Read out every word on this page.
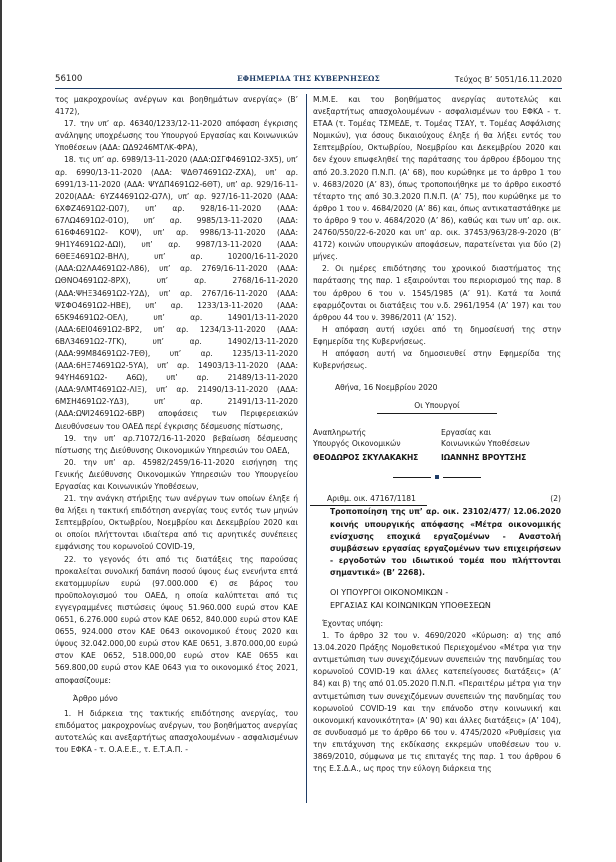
56100	ΕΦΗΜΕΡΙΔΑ ΤΗΣ ΚΥΒΕΡΝΗΣΕΩΣ	Τεύχος Β’ 5051/16.11.2020

τος μακροχρονίως ανέργων και βοηθημάτων ανεργίας» (Β’ 4172),

17. την υπ’ αρ. 46340/1233/12-11-2020 απόφαση έγκρισης ανάληψης υποχρέωσης του Υπουργού Εργασίας και Κοινωνικών Υποθέσεων (ΑΔΑ: ΩΔ9246ΜΤΛΚ-ΦΡΑ),

18. τις υπ’ αρ. 6989/13-11-2020 (ΑΔΑ:ΩΣΓΦ4691Ω2-3Χ5), υπ’ αρ. 6990/13-11-2020 (ΑΔΑ: ΨΔΘ74691Ω2-ΖΧΑ), υπ’ αρ. 6991/13-11-2020 (ΑΔΑ: ΨΥΔΠ4691Ω2-6ΘΤ), υπ’ αρ. 929/16-11-2020(ΑΔΑ: 6ΥΖ44691Ω2-Ω7Λ), υπ’ αρ. 927/16-11-2020 (ΑΔΑ: 6ΧΦΖ4691Ω2-Ω07), υπ’ αρ. 928/16-11-2020 (ΑΔΑ: 67ΛΩ4691Ω2-01Ο), υπ’ αρ. 9985/13-11-2020 (ΑΔΑ: 616Φ4691Ω2- ΚΟΨ), υπ’ αρ. 9986/13-11-2020 (ΑΔΑ: 9Η1Υ4691Ω2-ΔΩΙ), υπ’ αρ. 9987/13-11-2020 (ΑΔΑ: 6ΘΕΞ4691Ω2-ΒΗΛ), υπ’ αρ. 10200/16-11-2020 (ΑΔΑ:Ω2ΛΑ4691Ω2-Λ86), υπ’ αρ. 2769/16-11-2020 (ΑΔΑ: ΩΘΝΟ4691Ω2-8ΡΧ), υπ’ αρ. 2768/16-11-2020 (ΑΔΑ:ΨΗΞ34691Ω2-Υ2Δ), υπ’ αρ. 2767/16-11-2020 (ΑΔΑ: ΨΣΦΟ4691Ω2-ΗΒΕ), υπ’ αρ. 1233/13-11-2020 (ΑΔΑ: 65Κ94691Ω2-ΟΕΛ), υπ’ αρ. 14901/13-11-2020 (ΑΔΑ:6ΕΙ04691Ω2-ΒΡ2, υπ’ αρ. 1234/13-11-2020 (ΑΔΑ: 6ΒΛ34691Ω2-7ΓΚ), υπ’ αρ. 14902/13-11-2020 (ΑΔΑ:99Μ84691Ω2-7ΕΘ), υπ’ αρ. 1235/13-11-2020 (ΑΔΑ:6ΗΞ74691Ω2-5ΥΑ), υπ’ αρ. 14903/13-11-2020 (ΑΔΑ: 94ΥΗ4691Ω2- Α6Ω), υπ’ αρ. 21489/13-11-2020 (ΑΔΑ:9ΛΜΤ4691Ω2-ΛΙΞ), υπ’ αρ. 21490/13-11-2020 (ΑΔΑ: 6ΜΣΗ4691Ω2-ΥΔ3), υπ’ αρ. 21491/13-11-2020 (ΑΔΑ:ΩΨΙ24691Ω2-6ΒΡ) αποφάσεις των Περιφερειακών Διευθύνσεων του ΟΑΕΔ περί έγκρισης δέσμευσης πίστωσης,

19. την υπ’ αρ.71072/16-11-2020 βεβαίωση δέσμευσης πίστωσης της Διεύθυνσης Οικονομικών Υπηρεσιών του ΟΑΕΔ,

20. την υπ’ αρ. 45982/2459/16-11-2020 εισήγηση της Γενικής Διεύθυνσης Οικονομικών Υπηρεσιών του Υπουργείου Εργασίας και Κοινωνικών Υποθέσεων,

21. την ανάγκη στήριξης των ανέργων των οποίων έληξε ή θα λήξει η τακτική επιδότηση ανεργίας τους εντός των μηνών Σεπτεμβρίου, Οκτωβρίου, Νοεμβρίου και Δεκεμβρίου 2020 και οι οποίοι πλήττονται ιδιαίτερα από τις αρνητικές συνέπειες εμφάνισης του κορωνοϊού COVID-19,

22. το γεγονός ότι από τις διατάξεις της παρούσας προκαλείται συνολική δαπάνη ποσού ύψους έως ενενήντα επτά εκατομμυρίων ευρώ (97.000.000 €) σε βάρος του προϋπολογισμού του ΟΑΕΔ, η οποία καλύπτεται από τις εγγεγραμμένες πιστώσεις ύψους 51.960.000 ευρώ στον ΚΑΕ 0651, 6.276.000 ευρώ στον ΚΑΕ 0652, 840.000 ευρώ στον ΚΑΕ 0655, 924.000 στον ΚΑΕ 0643 οικονομικού έτους 2020 και ύψους 32.042.000,00 ευρώ στον ΚΑΕ 0651, 3.870.000,00 ευρώ στον ΚΑΕ 0652, 518.000,00 ευρώ στον ΚΑΕ 0655 και 569.800,00 ευρώ στον ΚΑΕ 0643 για το οικονομικό έτος 2021, αποφασίζουμε:

Άρθρο μόνο

1. Η διάρκεια της τακτικής επιδότησης ανεργίας, του επιδόματος μακροχρονίως ανέργων, του βοηθήματος ανεργίας αυτοτελώς και ανεξαρτήτως απασχολουμένων - ασφαλισμένων του ΕΦΚΑ - τ. Ο.Α.Ε.Ε., τ. Ε.Τ.Α.Π. -

Μ.Μ.Ε. και του βοηθήματος ανεργίας αυτοτελώς και ανεξαρτήτως απασχολουμένων - ασφαλισμένων του ΕΦΚΑ - τ. ΕΤΑΑ (τ. Τομέας ΤΣΜΕΔΕ, τ. Τομέας ΤΣΑΥ, τ. Τομέας Ασφάλισης Νομικών), για όσους δικαιούχους έληξε ή θα λήξει εντός του Σεπτεμβρίου, Οκτωβρίου, Νοεμβρίου και Δεκεμβρίου 2020 και δεν έχουν επωφεληθεί της παράτασης του άρθρου έβδομου της από 20.3.2020 Π.Ν.Π. (Α’ 68), που κυρώθηκε με το άρθρο 1 του ν. 4683/2020 (Α’ 83), όπως τροποποιήθηκε με το άρθρο εικοστό τέταρτο της από 30.3.2020 Π.Ν.Π. (Α’ 75), που κυρώθηκε με το άρθρο 1 του ν. 4684/2020 (Α’ 86) και, όπως αντικαταστάθηκε με το άρθρο 9 του ν. 4684/2020 (Α’ 86), καθώς και των υπ’ αρ. οικ. 24760/550/22-6-2020 και υπ’ αρ. οικ. 37453/963/28-9-2020 (Β’ 4172) κοινών υπουργικών αποφάσεων, παρατείνεται για δύο (2) μήνες.

2. Οι ημέρες επιδότησης του χρονικού διαστήματος της παράτασης της παρ. 1 εξαιρούνται του περιορισμού της παρ. 8 του άρθρου 6 του ν. 1545/1985 (Α’ 91). Κατά τα λοιπά εφαρμόζονται οι διατάξεις του ν.δ. 2961/1954 (Α’ 197) και του άρθρου 44 του ν. 3986/2011 (Α’ 152).

Η απόφαση αυτή ισχύει από τη δημοσίευσή της στην Εφημερίδα της Κυβερνήσεως.

Η απόφαση αυτή να δημοσιευθεί στην Εφημερίδα της Κυβερνήσεως.

Αθήνα, 16 Νοεμβρίου 2020

Οι Υπουργοί

Αναπληρωτής
Υπουργός Οικονομικών
ΘΕΟΔΩΡΟΣ ΣΚΥΛΑΚΑΚΗΣ
Εργασίας και
Κοινωνικών Υποθέσεων
ΙΩΑΝΝΗΣ ΒΡΟΥΤΣΗΣ
Αριθμ. οικ. 47167/1181	(2)

Τροποποίηση της υπ’ αρ. οικ. 23102/477/ 12.06.2020 κοινής υπουργικής απόφασης «Μέτρα οικονομικής ενίσχυσης εποχικά εργαζομένων - Αναστολή συμβάσεων εργασίας εργαζομένων των επιχειρήσεων - εργοδοτών του ιδιωτικού τομέα που πλήττονται σημαντικά» (Β’ 2268).

ΟΙ ΥΠΟΥΡΓΟΙ ΟΙΚΟΝΟΜΙΚΩΝ -
ΕΡΓΑΣΙΑΣ ΚΑΙ ΚΟΙΝΩΝΙΚΩΝ ΥΠΟΘΕΣΕΩΝ

Έχοντας υπόψη:

1. Το άρθρο 32 του ν. 4690/2020 «Κύρωση: α) της από 13.04.2020 Πράξης Νομοθετικού Περιεχομένου «Μέτρα για την αντιμετώπιση των συνεχιζόμενων συνεπειών της πανδημίας του κορωνοϊού COVID-19 και άλλες κατεπείγουσες διατάξεις» (Α’ 84) και β) της από 01.05.2020 Π.Ν.Π. «Περαιτέρω μέτρα για την αντιμετώπιση των συνεχιζόμενων συνεπειών της πανδημίας του κορωνοϊού COVID-19 και την επάνοδο στην κοινωνική και οικονομική κανονικότητα» (Α’ 90) και άλλες διατάξεις» (Α’ 104), σε συνδυασμό με το άρθρο 66 του ν. 4745/2020 «Ρυθμίσεις για την επιτάχυνση της εκδίκασης εκκρεμών υποθέσεων του ν. 3869/2010, σύμφωνα με τις επιταγές της παρ. 1 του άρθρου 6 της Ε.Σ.Δ.Α., ως προς την εύλογη διάρκεια της
